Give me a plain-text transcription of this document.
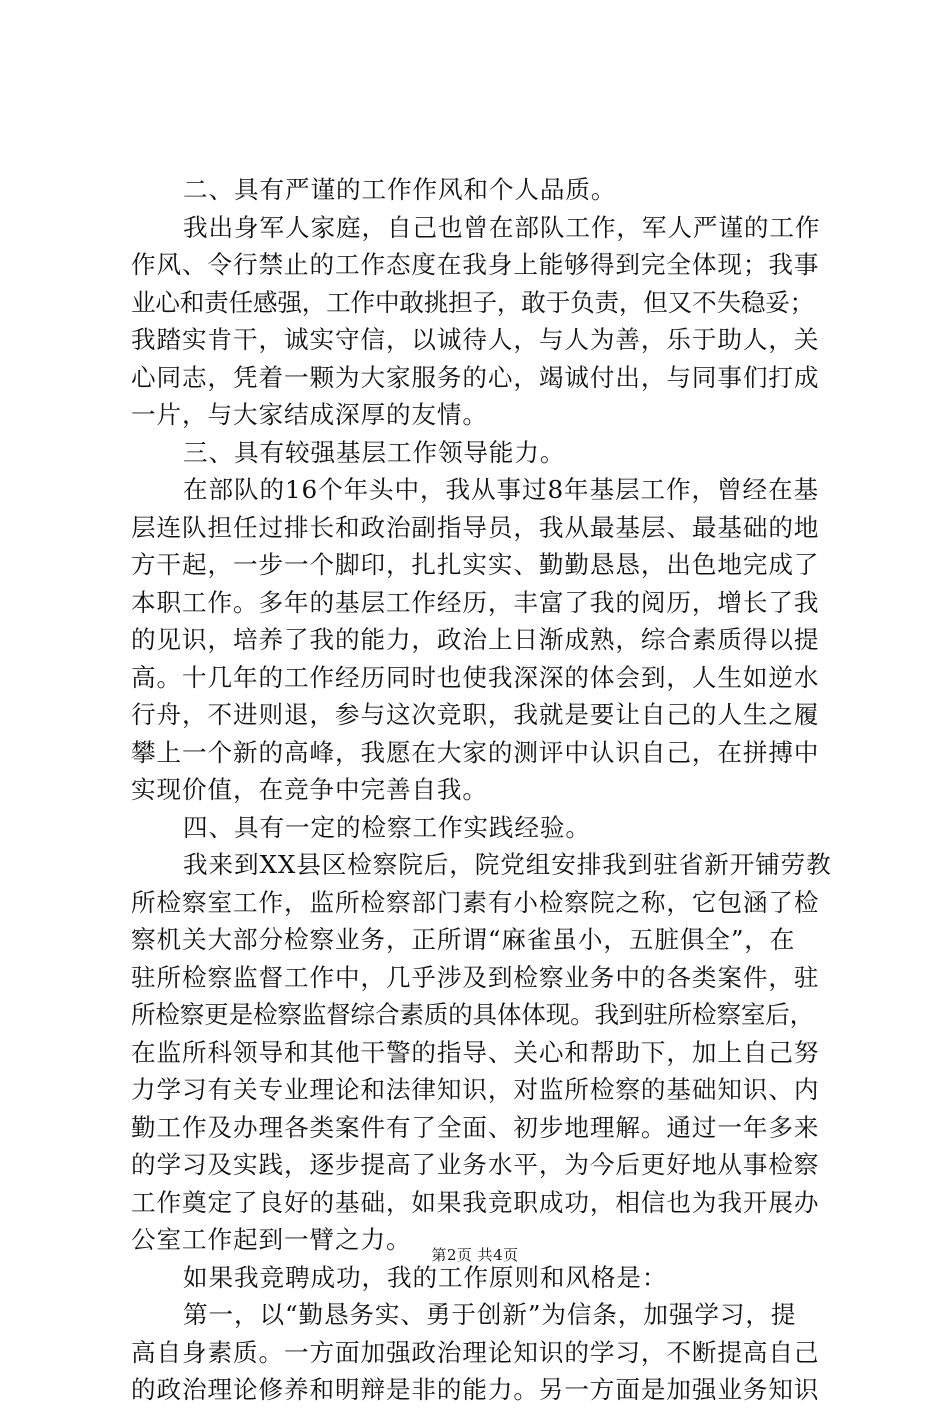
二、具有严谨的工作作风和个人品质。
我出身军人家庭，自己也曾在部队工作，军人严谨的工作
作风、令行禁止的工作态度在我身上能够得到完全体现；我事
业心和责任感强，工作中敢挑担子，敢于负责，但又不失稳妥；
我踏实肯干，诚实守信，以诚待人，与人为善，乐于助人，关
心同志，凭着一颗为大家服务的心，竭诚付出，与同事们打成
一片，与大家结成深厚的友情。
三、具有较强基层工作领导能力。
在部队的16个年头中，我从事过8年基层工作，曾经在基
层连队担任过排长和政治副指导员，我从最基层、最基础的地
方干起，一步一个脚印，扎扎实实、勤勤恳恳，出色地完成了
本职工作。多年的基层工作经历，丰富了我的阅历，增长了我
的见识，培养了我的能力，政治上日渐成熟，综合素质得以提
高。十几年的工作经历同时也使我深深的体会到，人生如逆水
行舟，不进则退，参与这次竞职，我就是要让自己的人生之履
攀上一个新的高峰，我愿在大家的测评中认识自己，在拼搏中
实现价值，在竞争中完善自我。
四、具有一定的检察工作实践经验。
我来到XX县区检察院后，院党组安排我到驻省新开铺劳教
所检察室工作，监所检察部门素有小检察院之称，它包涵了检
察机关大部分检察业务，正所谓“麻雀虽小，五脏俱全”，在
驻所检察监督工作中，几乎涉及到检察业务中的各类案件，驻
所检察更是检察监督综合素质的具体体现。我到驻所检察室后，
在监所科领导和其他干警的指导、关心和帮助下，加上自己努
力学习有关专业理论和法律知识，对监所检察的基础知识、内
勤工作及办理各类案件有了全面、初步地理解。通过一年多来
的学习及实践，逐步提高了业务水平，为今后更好地从事检察
工作奠定了良好的基础，如果我竞职成功，相信也为我开展办
公室工作起到一臂之力。
如果我竞聘成功，我的工作原则和风格是：
第一，以“勤恳务实、勇于创新”为信条，加强学习，提
高自身素质。一方面加强政治理论知识的学习，不断提高自己
的政治理论修养和明辩是非的能力。另一方面是加强业务知识
第2页 共4页
